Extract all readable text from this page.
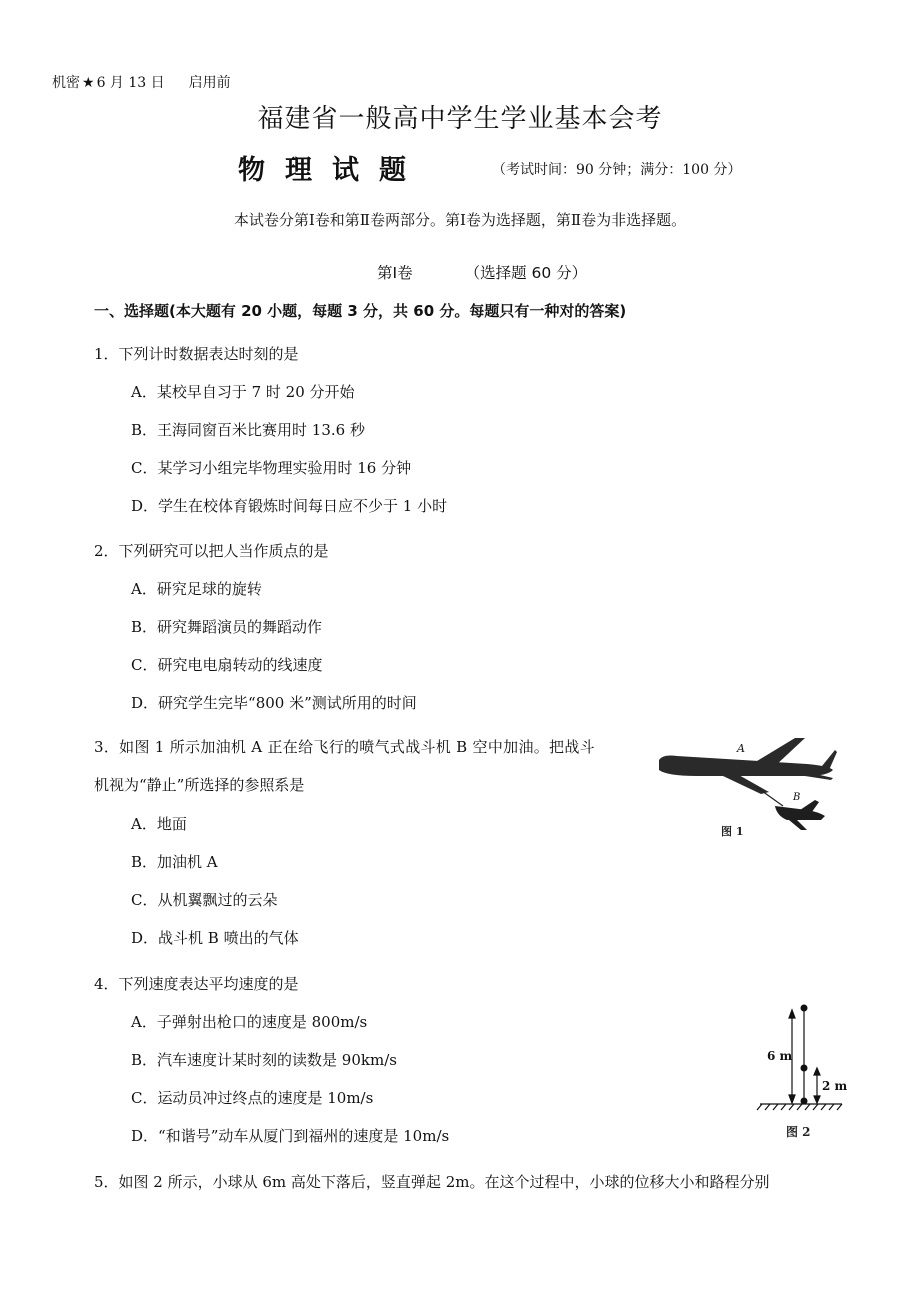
机密 ★ 6 月 13 日 启用前
福建省一般高中学生学业基本会考
物理试题	（考试时间：90 分钟；满分：100 分）
本试卷分第Ⅰ卷和第Ⅱ卷两部分。第Ⅰ卷为选择题，第Ⅱ卷为非选择题。
第Ⅰ卷	（选择题 60 分）
一、选择题(本大题有 20 小题，每题 3 分，共 60 分。每题只有一种对的答案)
1．下列计时数据表达时刻的是
A．某校早自习于 7 时 20 分开始
B．王海同窗百米比赛用时 13.6 秒
C．某学习小组完毕物理实验用时 16 分钟
D．学生在校体育锻炼时间每日应不少于 1 小时
2．下列研究可以把人当作质点的是
A．研究足球的旋转
B．研究舞蹈演员的舞蹈动作
C．研究电电扇转动的线速度
D．研究学生完毕“800 米”测试所用的时间
3．如图 1 所示加油机 A 正在给飞行的喷气式战斗机 B 空中加油。把战斗
机视为“静止”所选择的参照系是
A．地面
B．加油机 A
C．从机翼飘过的云朵
D．战斗机 B 喷出的气体
A
B
图 1
4．下列速度表达平均速度的是
A．子弹射出枪口的速度是 800m/s
B．汽车速度计某时刻的读数是 90km/s
C．运动员冲过终点的速度是 10m/s
D．“和谐号”动车从厦门到福州的速度是 10m/s
6 m
2 m
图 2
5．如图 2 所示，小球从 6m 高处下落后，竖直弹起 2m。在这个过程中，小球的位移大小和路程分别
